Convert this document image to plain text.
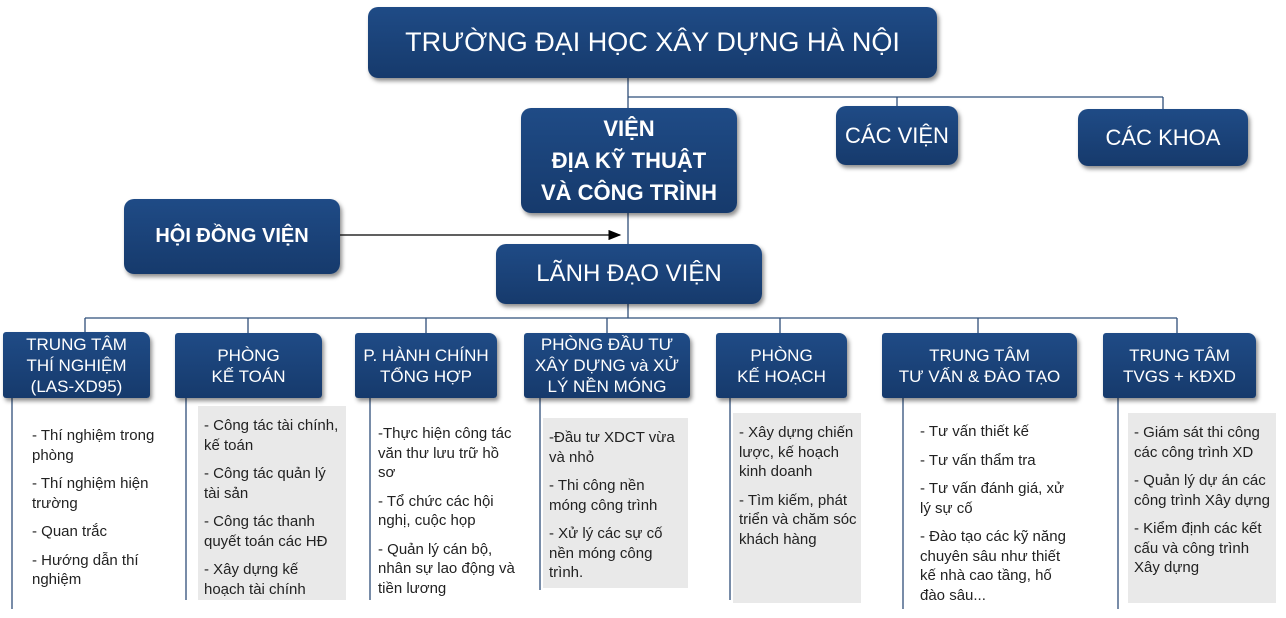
TRƯỜNG ĐẠI HỌC XÂY DỰNG HÀ NỘI
VIỆN
ĐỊA KỸ THUẬT
VÀ CÔNG TRÌNH
CÁC VIỆN	CÁC KHOA
HỘI ĐỒNG VIỆN
LÃNH ĐẠO VIỆN
TRUNG TÂM
THÍ NGHIỆM
(LAS-XD95)
- Thí nghiệm trong phòng
- Thí nghiệm hiện trường
- Quan trắc
- Hướng dẫn thí nghiệm
PHÒNG
KẾ TOÁN
- Công tác tài chính, kế toán
- Công tác quản lý tài sản
- Công tác thanh quyết toán các HĐ
- Xây dựng kế hoạch tài chính
P. HÀNH CHÍNH
TỔNG HỢP
-Thực hiện công tác văn thư lưu trữ hồ sơ
- Tổ chức các hội nghị, cuộc họp
- Quản lý cán bộ, nhân sự lao động và tiền lương
PHÒNG ĐẦU TƯ
XÂY DỰNG và XỬ
LÝ NỀN MÓNG
-Đầu tư XDCT vừa và nhỏ
- Thi công nền móng công trình
- Xử lý các sự cố nền móng công trình.
PHÒNG
KẾ HOẠCH
- Xây dựng chiến lược, kế hoạch kinh doanh
- Tìm kiếm, phát triển và chăm sóc khách hàng
TRUNG TÂM
TƯ VẤN & ĐÀO TẠO
- Tư vấn thiết kế
- Tư vấn thẩm tra
- Tư vấn đánh giá, xử lý sự cố
- Đào tạo các kỹ năng chuyên sâu như thiết kế nhà cao tầng, hố đào sâu...
TRUNG TÂM
TVGS + KĐXD
- Giám sát thi công các công trình XD
- Quản lý dự án các công trình Xây dựng
- Kiểm định các kết cấu và công trình Xây dựng
